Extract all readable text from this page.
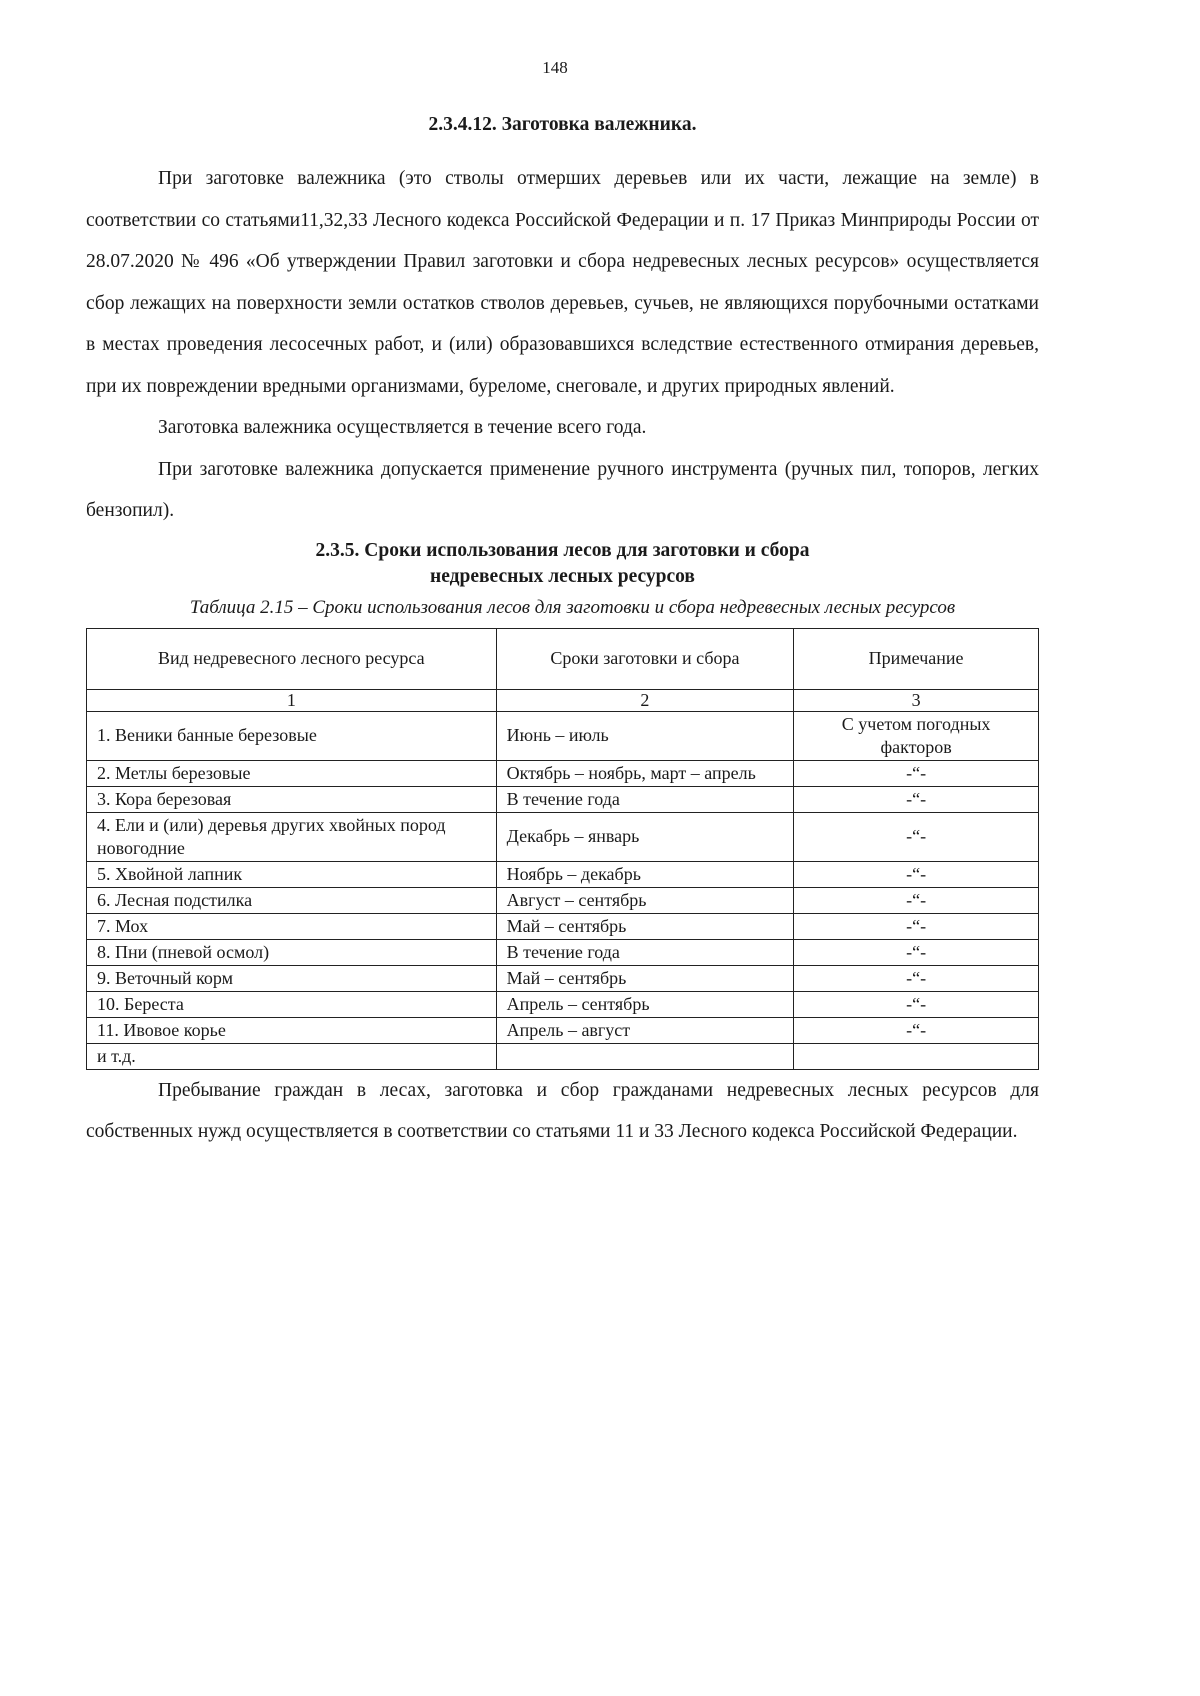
148
2.3.4.12. Заготовка валежника.

При заготовке валежника (это стволы отмерших деревьев или их части, лежащие на земле) в соответствии со статьями11,32,33 Лесного кодекса Российской Федерации и п. 17 Приказ Минприроды России от 28.07.2020 № 496 «Об утверждении Правил заготовки и сбора недревесных лесных ресурсов» осуществляется сбор лежащих на поверхности земли остатков стволов деревьев, сучьев, не являющихся порубочными остатками в местах проведения лесосечных работ, и (или) образовавшихся вследствие естественного отмирания деревьев, при их повреждении вредными организмами, буреломе, снеговале, и других природных явлений.

Заготовка валежника осуществляется в течение всего года.

При заготовке валежника допускается применение ручного инструмента (ручных пил, топоров, легких бензопил).

2.3.5. Сроки использования лесов для заготовки и сбора
недревесных лесных ресурсов
Таблица 2.15 – Сроки использования лесов для заготовки и сбора недревесных лесных ресурсов
Вид недревесного лесного ресурса	Сроки заготовки и сбора	Примечание
1	2	3
1. Веники банные березовые	Июнь – июль	С учетом погодных факторов
2. Метлы березовые	Октябрь – ноябрь, март – апрель	-“-
3. Кора березовая	В течение года	-“-
4. Ели и (или) деревья других хвойных пород новогодние	Декабрь – январь	-“-
5. Хвойной лапник	Ноябрь – декабрь	-“-
6. Лесная подстилка	Август – сентябрь	-“-
7. Мох	Май – сентябрь	-“-
8. Пни (пневой осмол)	В течение года	-“-
9. Веточный корм	Май – сентябрь	-“-
10. Береста	Апрель – сентябрь	-“-
11. Ивовое корье	Апрель – август	-“-
и т.д.		

Пребывание граждан в лесах, заготовка и сбор гражданами недревесных лесных ресурсов для собственных нужд осуществляется в соответствии со статьями 11 и 33 Лесного кодекса Российской Федерации.
